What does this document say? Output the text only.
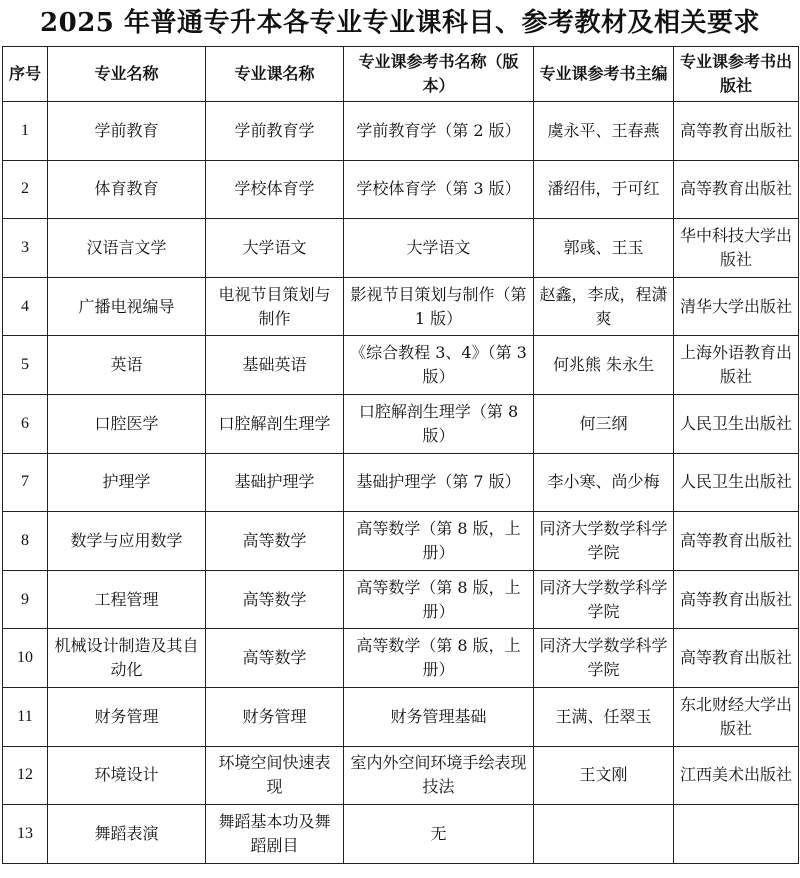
2025 年普通专升本各专业专业课科目、参考教材及相关要求
序号	专业名称	专业课名称	专业课参考书名称（版本）	专业课参考书主编	专业课参考书出版社
1	学前教育	学前教育学	学前教育学（第 2 版）	虞永平、王春燕	高等教育出版社
2	体育教育	学校体育学	学校体育学（第 3 版）	潘绍伟，于可红	高等教育出版社
3	汉语言文学	大学语文	大学语文	郭彧、王玉	华中科技大学出版社
4	广播电视编导	电视节目策划与制作	影视节目策划与制作（第 1 版）	赵鑫，李成，程潇爽	清华大学出版社
5	英语	基础英语	《综合教程 3、4》（第 3 版）	何兆熊 朱永生	上海外语教育出版社
6	口腔医学	口腔解剖生理学	口腔解剖生理学（第 8 版）	何三纲	人民卫生出版社
7	护理学	基础护理学	基础护理学（第 7 版）	李小寒、尚少梅	人民卫生出版社
8	数学与应用数学	高等数学	高等数学（第 8 版，上册）	同济大学数学科学学院	高等教育出版社
9	工程管理	高等数学	高等数学（第 8 版，上册）	同济大学数学科学学院	高等教育出版社
10	机械设计制造及其自动化	高等数学	高等数学（第 8 版，上册）	同济大学数学科学学院	高等教育出版社
11	财务管理	财务管理	财务管理基础	王满、任翠玉	东北财经大学出版社
12	环境设计	环境空间快速表现	室内外空间环境手绘表现技法	王文刚	江西美术出版社
13	舞蹈表演	舞蹈基本功及舞蹈剧目	无		
